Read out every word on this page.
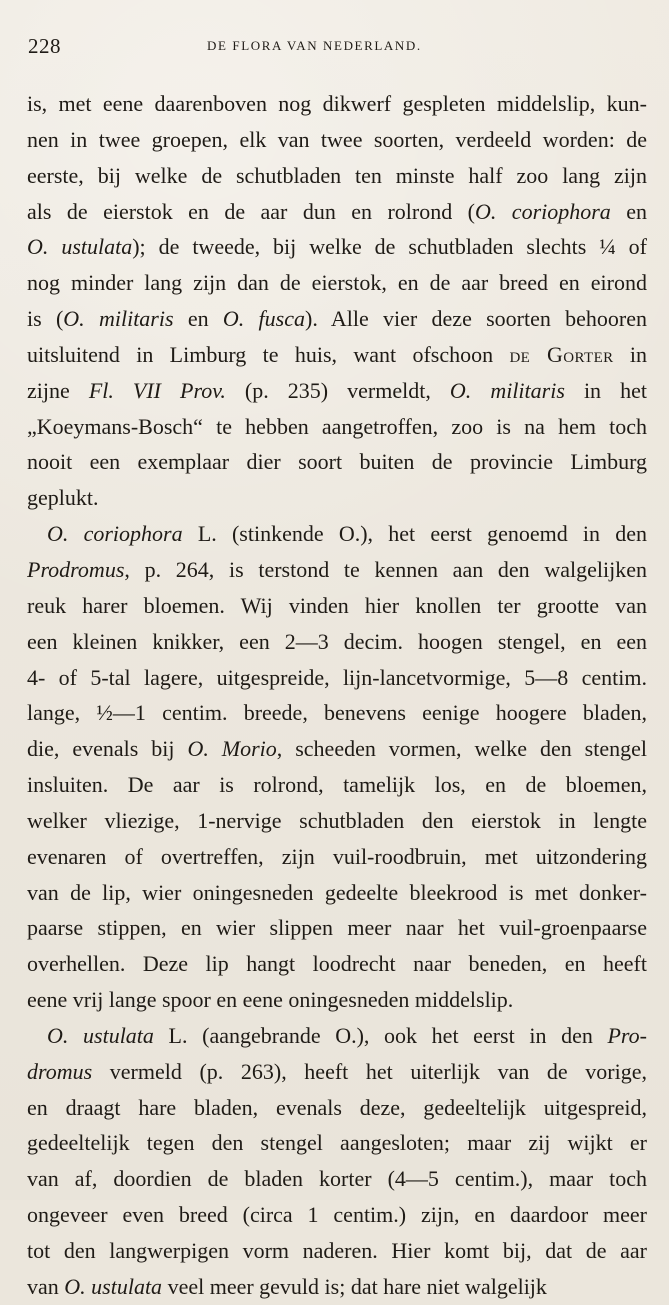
228	DE FLORA VAN NEDERLAND.
is, met eene daarenboven nog dikwerf gespleten middelslip, kun-
nen in twee groepen, elk van twee soorten, verdeeld worden: de
eerste, bij welke de schutbladen ten minste half zoo lang zijn
als de eierstok en de aar dun en rolrond (O. coriophora en
O. ustulata); de tweede, bij welke de schutbladen slechts ¼ of
nog minder lang zijn dan de eierstok, en de aar breed en eirond
is (O. militaris en O. fusca). Alle vier deze soorten behooren
uitsluitend in Limburg te huis, want ofschoon de Gorter in
zijne Fl. VII Prov. (p. 235) vermeldt, O. militaris in het
„Koeymans-Bosch“ te hebben aangetroffen, zoo is na hem toch
nooit een exemplaar dier soort buiten de provincie Limburg
geplukt.
O. coriophora L. (stinkende O.), het eerst genoemd in den
Prodromus, p. 264, is terstond te kennen aan den walgelijken
reuk harer bloemen. Wij vinden hier knollen ter grootte van
een kleinen knikker, een 2—3 decim. hoogen stengel, en een
4- of 5-tal lagere, uitgespreide, lijn-lancetvormige, 5—8 centim.
lange, ½—1 centim. breede, benevens eenige hoogere bladen,
die, evenals bij O. Morio, scheeden vormen, welke den stengel
insluiten. De aar is rolrond, tamelijk los, en de bloemen,
welker vliezige, 1-nervige schutbladen den eierstok in lengte
evenaren of overtreffen, zijn vuil-roodbruin, met uitzondering
van de lip, wier oningesneden gedeelte bleekrood is met donker-
paarse stippen, en wier slippen meer naar het vuil-groenpaarse
overhellen. Deze lip hangt loodrecht naar beneden, en heeft
eene vrij lange spoor en eene oningesneden middelslip.
O. ustulata L. (aangebrande O.), ook het eerst in den Pro-
dromus vermeld (p. 263), heeft het uiterlijk van de vorige,
en draagt hare bladen, evenals deze, gedeeltelijk uitgespreid,
gedeeltelijk tegen den stengel aangesloten; maar zij wijkt er
van af, doordien de bladen korter (4—5 centim.), maar toch
ongeveer even breed (circa 1 centim.) zijn, en daardoor meer
tot den langwerpigen vorm naderen. Hier komt bij, dat de aar
van O. ustulata veel meer gevuld is; dat hare niet walgelijk
